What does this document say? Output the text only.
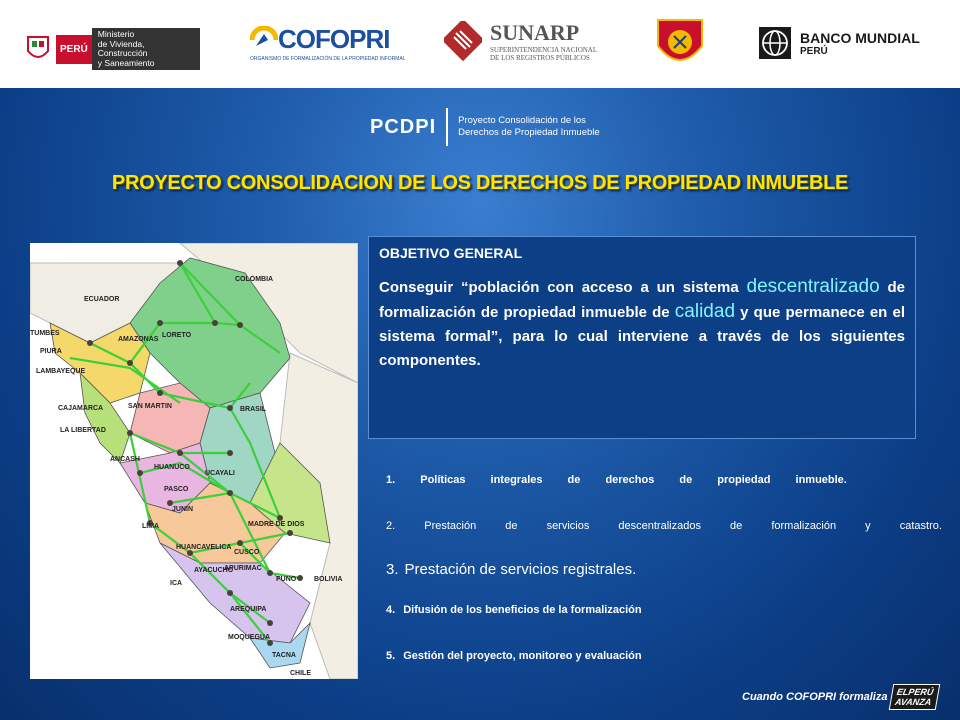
PERÚ
Ministerio
de Vivienda, Construcción
y Saneamiento
COFOPRI
ORGANISMO DE FORMALIZACIÓN DE LA PROPIEDAD INFORMAL
SUNARP
SUPERINTENDENCIA NACIONAL
DE LOS REGISTROS PÚBLICOS
BANCO MUNDIAL
PERÚ
PCDPI Proyecto Consolidación de los
Derechos de Propiedad Inmueble
PROYECTO CONSOLIDACION DE LOS DERECHOS DE PROPIEDAD INMUEBLE
COLOMBIA
ECUADOR
LORETO
TUMBES
PIURA
AMAZONAS
CAJAMARCA
LAMBAYEQUE
SAN MARTIN
LA LIBERTAD
BRASIL
ANCASH
HUANUCO
UCAYALI
PASCO
LIMA
JUNIN
MADRE DE DIOS
HUANCAVELICA
CUSCO
APURIMAC
AYACUCHO
ICA
PUNO	BOLIVIA
AREQUIPA
MOQUEGUA
TACNA
CHILE
OBJETIVO GENERAL
Conseguir “población con acceso a un sistema descentralizado de formalización de propiedad inmueble de calidad y que permanece en el sistema formal”, para lo cual interviene a través de los siguientes componentes.
1. Políticas integrales de derechos de propiedad inmueble.
2.	Prestación	de	servicios	descentralizados	de	formalización	y	catastro.
3. Prestación de servicios registrales.
4. Difusión de los beneficios de la formalización
5. Gestión del proyecto, monitoreo y evaluación
Cuando COFOPRI formaliza ELPERÚ
AVANZA
